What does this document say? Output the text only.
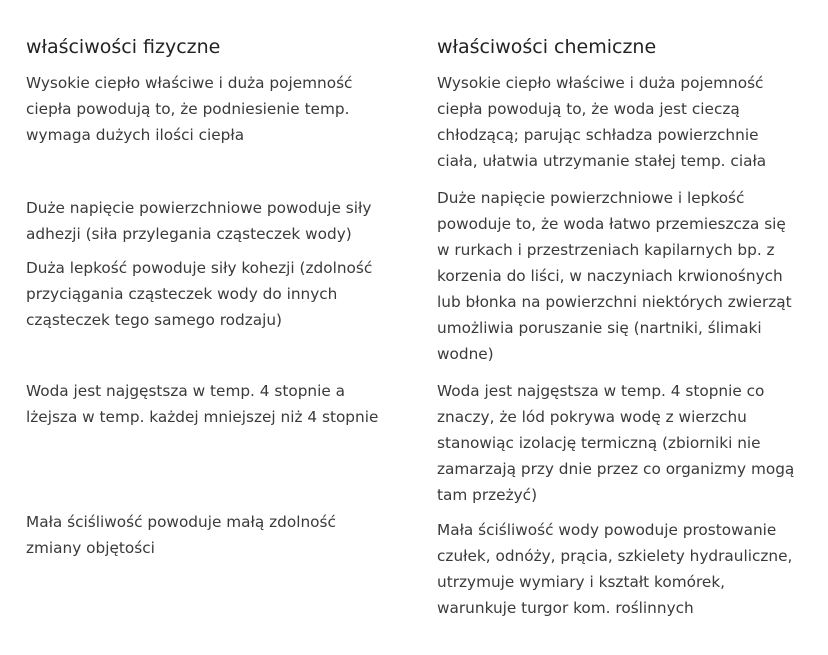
właściwości fizyczne

Wysokie ciepło właściwe i duża pojemność
ciepła powodują to, że podniesienie temp.
wymaga dużych ilości ciepła

Duże napięcie powierzchniowe powoduje siły
adhezji (siła przylegania cząsteczek wody)

Duża lepkość powoduje siły kohezji (zdolność
przyciągania cząsteczek wody do innych
cząsteczek tego samego rodzaju)

Woda jest najgęstsza w temp. 4 stopnie a
lżejsza w temp. każdej mniejszej niż 4 stopnie

Mała ściśliwość powoduje małą zdolność
zmiany objętości

właściwości chemiczne

Wysokie ciepło właściwe i duża pojemność
ciepła powodują to, że woda jest cieczą
chłodzącą; parując schładza powierzchnie
ciała, ułatwia utrzymanie stałej temp. ciała

Duże napięcie powierzchniowe i lepkość
powoduje to, że woda łatwo przemieszcza się
w rurkach i przestrzeniach kapilarnych bp. z
korzenia do liści, w naczyniach krwionośnych
lub błonka na powierzchni niektórych zwierząt
umożliwia poruszanie się (nartniki, ślimaki
wodne)

Woda jest najgęstsza w temp. 4 stopnie co
znaczy, że lód pokrywa wodę z wierzchu
stanowiąc izolację termiczną (zbiorniki nie
zamarzają przy dnie przez co organizmy mogą
tam przeżyć)

Mała ściśliwość wody powoduje prostowanie
czułek, odnóży, prącia, szkielety hydrauliczne,
utrzymuje wymiary i kształt komórek,
warunkuje turgor kom. roślinnych
